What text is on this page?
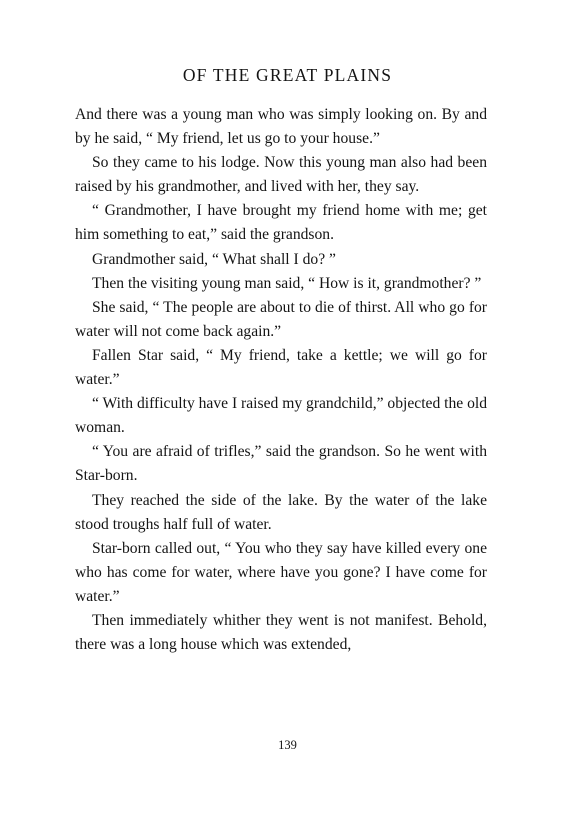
OF THE GREAT PLAINS

And there was a young man who was simply looking on. By and by he said, “ My friend, let us go to your house.”

So they came to his lodge. Now this young man also had been raised by his grandmother, and lived with her, they say.

“ Grandmother, I have brought my friend home with me; get him something to eat,” said the grandson.

Grandmother said, “ What shall I do? ”

Then the visiting young man said, “ How is it, grandmother? ”

She said, “ The people are about to die of thirst. All who go for water will not come back again.”

Fallen Star said, “ My friend, take a kettle; we will go for water.”

“ With difficulty have I raised my grandchild,” objected the old woman.

“ You are afraid of trifles,” said the grandson. So he went with Star-born.

They reached the side of the lake. By the water of the lake stood troughs half full of water.

Star-born called out, “ You who they say have killed every one who has come for water, where have you gone? I have come for water.”

Then immediately whither they went is not manifest. Behold, there was a long house which was extended,

139
